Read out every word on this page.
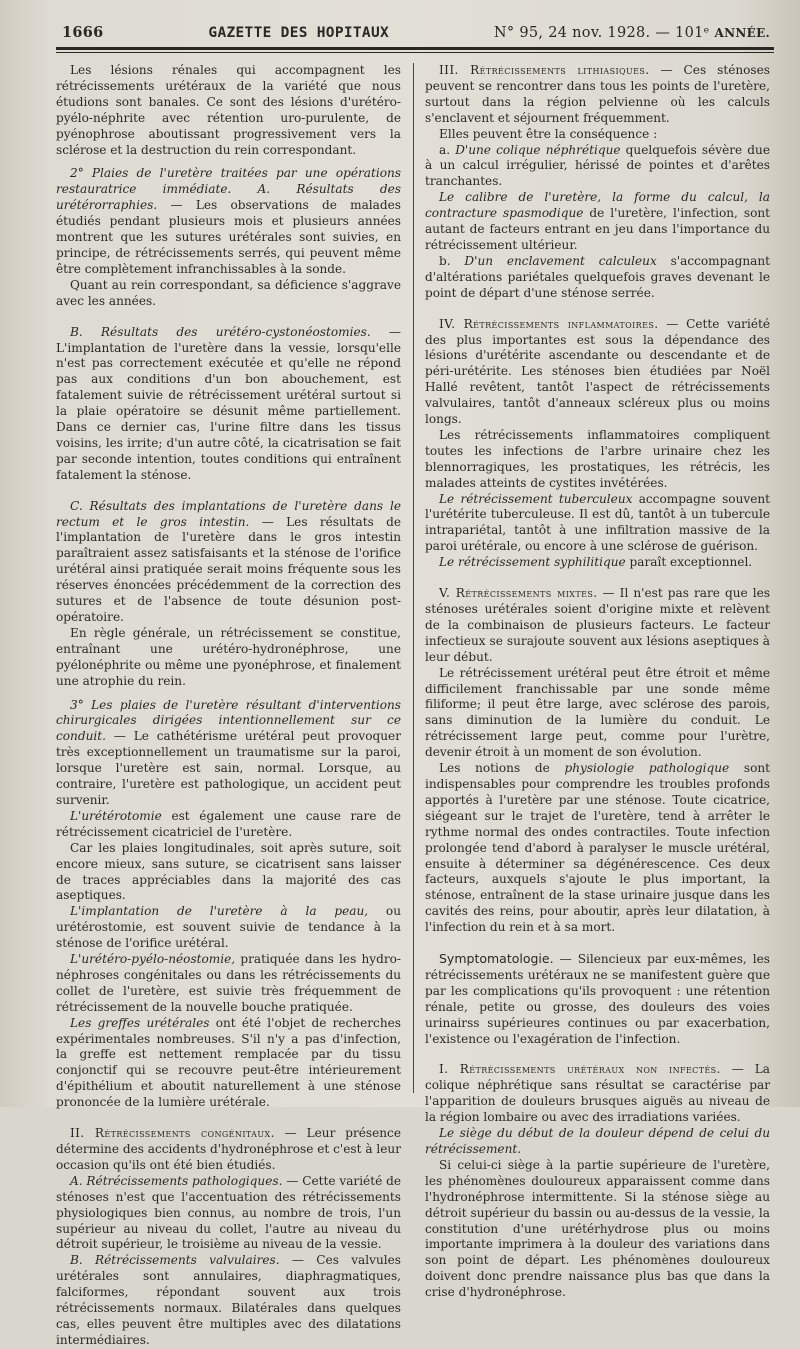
1666	GAZETTE DES HOPITAUX	N° 95, 24 nov. 1928. — 101ᵉ ANNÉE.

Les lésions rénales qui accompagnent les rétrécissements urétéraux de la variété que nous étudions sont banales. Ce sont des lésions d'urétéro-pyélo-néphrite avec rétention uro-purulente, de pyénophrose aboutissant progressivement vers la sclérose et la destruction du rein correspondant.

2° Plaies de l'uretère traitées par une opérations restauratrice immédiate. A. Résultats des urétérorraphies. — Les observations de malades étudiés pendant plusieurs mois et plusieurs années montrent que les sutures urétérales sont suivies, en principe, de rétrécissements serrés, qui peuvent même être complètement infranchissables à la sonde.

Quant au rein correspondant, sa déficience s'aggrave avec les années.

B. Résultats des urétéro-cystonéostomies. — L'implantation de l'uretère dans la vessie, lorsqu'elle n'est pas correctement exécutée et qu'elle ne répond pas aux conditions d'un bon abouchement, est fatalement suivie de rétrécissement urétéral surtout si la plaie opératoire se désunit même partiellement. Dans ce dernier cas, l'urine filtre dans les tissus voisins, les irrite; d'un autre côté, la cicatrisation se fait par seconde intention, toutes conditions qui entraînent fatalement la sténose.

C. Résultats des implantations de l'uretère dans le rectum et le gros intestin. — Les résultats de l'implantation de l'uretère dans le gros intestin paraîtraient assez satisfaisants et la sténose de l'orifice urétéral ainsi pratiquée serait moins fréquente sous les réserves énoncées précédemment de la correction des sutures et de l'absence de toute désunion post-opératoire.

En règle générale, un rétrécissement se constitue, entraînant une urétéro-hydronéphrose, une pyélonéphrite ou même une pyonéphrose, et finalement une atrophie du rein.

3° Les plaies de l'uretère résultant d'interventions chirurgicales dirigées intentionnellement sur ce conduit. — Le cathétérisme urétéral peut provoquer très exceptionnellement un traumatisme sur la paroi, lorsque l'uretère est sain, normal. Lorsque, au contraire, l'uretère est pathologique, un accident peut survenir.

L'urétérotomie est également une cause rare de rétrécissement cicatriciel de l'uretère.

Car les plaies longitudinales, soit après suture, soit encore mieux, sans suture, se cicatrisent sans laisser de traces appréciables dans la majorité des cas aseptiques.

L'implantation de l'uretère à la peau, ou urétérostomie, est souvent suivie de tendance à la sténose de l'orifice urétéral.

L'urétéro-pyélo-néostomie, pratiquée dans les hydro-néphroses congénitales ou dans les rétrécissements du collet de l'uretère, est suivie très fréquemment de rétrécissement de la nouvelle bouche pratiquée.

Les greffes urétérales ont été l'objet de recherches expérimentales nombreuses. S'il n'y a pas d'infection, la greffe est nettement remplacée par du tissu conjonctif qui se recouvre peut-être intérieurement d'épithélium et aboutit naturellement à une sténose prononcée de la lumière urétérale.

II. Rétrécissements congénitaux. — Leur présence détermine des accidents d'hydronéphrose et c'est à leur occasion qu'ils ont été bien étudiés.

A. Rétrécissements pathologiques. — Cette variété de sténoses n'est que l'accentuation des rétrécissements physiologiques bien connus, au nombre de trois, l'un supérieur au niveau du collet, l'autre au niveau du détroit supérieur, le troisième au niveau de la vessie.

B. Rétrécissements valvulaires. — Ces valvules urétérales sont annulaires, diaphragmatiques, falciformes, répondant souvent aux trois rétrécissements normaux. Bilatérales dans quelques cas, elles peuvent être multiples avec des dilatations intermédiaires.

III. Rétrécissements lithiasiques. — Ces sténoses peuvent se rencontrer dans tous les points de l'uretère, surtout dans la région pelvienne où les calculs s'enclavent et séjournent fréquemment.

Elles peuvent être la conséquence :

a. D'une colique néphrétique quelquefois sévère due à un calcul irrégulier, hérissé de pointes et d'arêtes tranchantes.

Le calibre de l'uretère, la forme du calcul, la contracture spasmodique de l'uretère, l'infection, sont autant de facteurs entrant en jeu dans l'importance du rétrécissement ultérieur.

b. D'un enclavement calculeux s'accompagnant d'altérations pariétales quelquefois graves devenant le point de départ d'une sténose serrée.

IV. Rétrécissements inflammatoires. — Cette variété des plus importantes est sous la dépendance des lésions d'urétérite ascendante ou descendante et de péri-urétérite. Les sténoses bien étudiées par Noël Hallé revêtent, tantôt l'aspect de rétrécissements valvulaires, tantôt d'anneaux scléreux plus ou moins longs.

Les rétrécissements inflammatoires compliquent toutes les infections de l'arbre urinaire chez les blennorragiques, les prostatiques, les rétrécis, les malades atteints de cystites invétérées.

Le rétrécissement tuberculeux accompagne souvent l'urétérite tuberculeuse. Il est dû, tantôt à un tubercule intrapariétal, tantôt à une infiltration massive de la paroi urétérale, ou encore à une sclérose de guérison.

Le rétrécissement syphilitique paraît exceptionnel.

V. Rétrécissements mixtes. — Il n'est pas rare que les sténoses urétérales soient d'origine mixte et relèvent de la combinaison de plusieurs facteurs. Le facteur infectieux se surajoute souvent aux lésions aseptiques à leur début.

Le rétrécissement urétéral peut être étroit et même difficilement franchissable par une sonde même filiforme; il peut être large, avec sclérose des parois, sans diminution de la lumière du conduit. Le rétrécissement large peut, comme pour l'urètre, devenir étroit à un moment de son évolution.

Les notions de physiologie pathologique sont indispensables pour comprendre les troubles profonds apportés à l'uretère par une sténose. Toute cicatrice, siégeant sur le trajet de l'uretère, tend à arrêter le rythme normal des ondes contractiles. Toute infection prolongée tend d'abord à paralyser le muscle urétéral, ensuite à déterminer sa dégénérescence. Ces deux facteurs, auxquels s'ajoute le plus important, la sténose, entraînent de la stase urinaire jusque dans les cavités des reins, pour aboutir, après leur dilatation, à l'infection du rein et à sa mort.

Symptomatologie. — Silencieux par eux-mêmes, les rétrécissements urétéraux ne se manifestent guère que par les complications qu'ils provoquent : une rétention rénale, petite ou grosse, des douleurs des voies urinairss supérieures continues ou par exacerbation, l'existence ou l'exagération de l'infection.

I. Rétrécissements urétéraux non infectés. — La colique néphrétique sans résultat se caractérise par l'apparition de douleurs brusques aiguës au niveau de la région lombaire ou avec des irradiations variées.

Le siège du début de la douleur dépend de celui du rétrécissement.

Si celui-ci siège à la partie supérieure de l'uretère, les phénomènes douloureux apparaissent comme dans l'hydronéphrose intermittente. Si la sténose siège au détroit supérieur du bassin ou au-dessus de la vessie, la constitution d'une urétérhydrose plus ou moins importante imprimera à la douleur des variations dans son point de départ. Les phénomènes douloureux doivent donc prendre naissance plus bas que dans la crise d'hydronéphrose.
